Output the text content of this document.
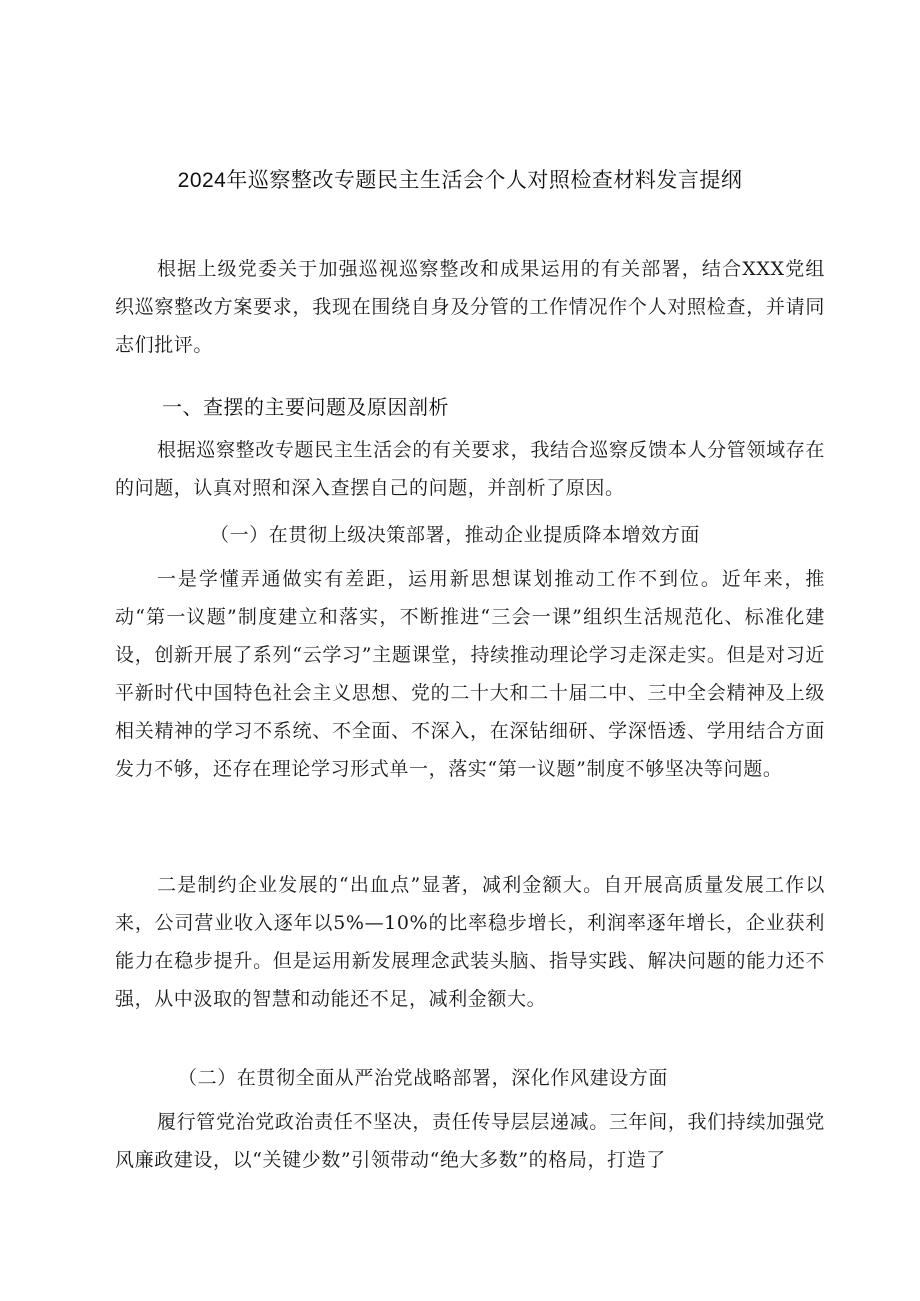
2024年巡察整改专题民主生活会个人对照检查材料发言提纲

根据上级党委关于加强巡视巡察整改和成果运用的有关部署，结合XXX党组织巡察整改方案要求，我现在围绕自身及分管的工作情况作个人对照检查，并请同志们批评。

一、查摆的主要问题及原因剖析

根据巡察整改专题民主生活会的有关要求，我结合巡察反馈本人分管领域存在的问题，认真对照和深入查摆自己的问题，并剖析了原因。

（一）在贯彻上级决策部署，推动企业提质降本增效方面

一是学懂弄通做实有差距，运用新思想谋划推动工作不到位。近年来，推动“第一议题”制度建立和落实，不断推进“三会一课”组织生活规范化、标准化建设，创新开展了系列“云学习”主题课堂，持续推动理论学习走深走实。但是对习近平新时代中国特色社会主义思想、党的二十大和二十届二中、三中全会精神及上级相关精神的学习不系统、不全面、不深入，在深钻细研、学深悟透、学用结合方面发力不够，还存在理论学习形式单一，落实“第一议题”制度不够坚决等问题。

二是制约企业发展的“出血点”显著，减利金额大。自开展高质量发展工作以来，公司营业收入逐年以5%—10%的比率稳步增长，利润率逐年增长，企业获利能力在稳步提升。但是运用新发展理念武装头脑、指导实践、解决问题的能力还不强，从中汲取的智慧和动能还不足，减利金额大。

（二）在贯彻全面从严治党战略部署，深化作风建设方面

履行管党治党政治责任不坚决，责任传导层层递减。三年间，我们持续加强党风廉政建设，以“关键少数”引领带动“绝大多数”的格局，打造了
